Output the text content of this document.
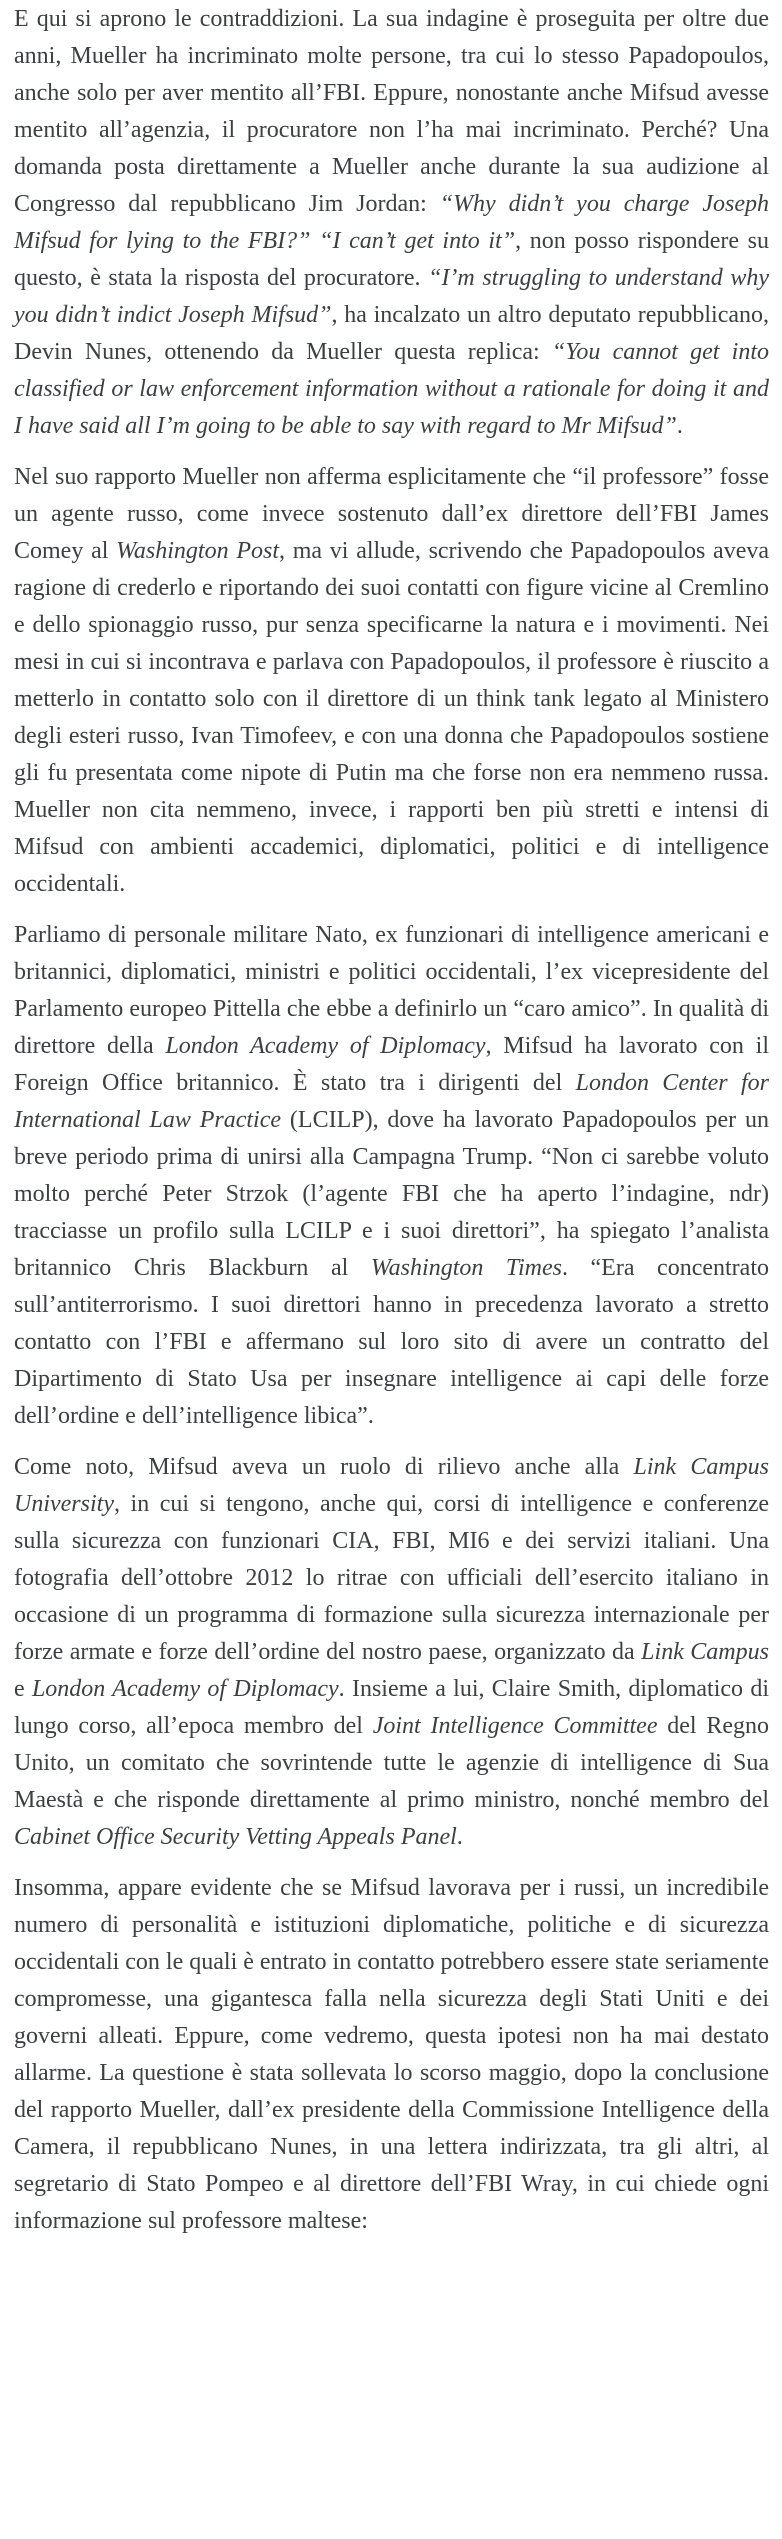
E qui si aprono le contraddizioni. La sua indagine è proseguita per oltre due anni, Mueller ha incriminato molte persone, tra cui lo stesso Papadopoulos, anche solo per aver mentito all’FBI. Eppure, nonostante anche Mifsud avesse mentito all’agenzia, il procuratore non l’ha mai incriminato. Perché? Una domanda posta direttamente a Mueller anche durante la sua audizione al Congresso dal repubblicano Jim Jordan: “Why didn’t you charge Joseph Mifsud for lying to the FBI?” “I can’t get into it”, non posso rispondere su questo, è stata la risposta del procuratore. “I’m struggling to understand why you didn’t indict Joseph Mifsud”, ha incalzato un altro deputato repubblicano, Devin Nunes, ottenendo da Mueller questa replica: “You cannot get into classified or law enforcement information without a rationale for doing it and I have said all I’m going to be able to say with regard to Mr Mifsud”.

Nel suo rapporto Mueller non afferma esplicitamente che “il professore” fosse un agente russo, come invece sostenuto dall’ex direttore dell’FBI James Comey al Washington Post, ma vi allude, scrivendo che Papadopoulos aveva ragione di crederlo e riportando dei suoi contatti con figure vicine al Cremlino e dello spionaggio russo, pur senza specificarne la natura e i movimenti. Nei mesi in cui si incontrava e parlava con Papadopoulos, il professore è riuscito a metterlo in contatto solo con il direttore di un think tank legato al Ministero degli esteri russo, Ivan Timofeev, e con una donna che Papadopoulos sostiene gli fu presentata come nipote di Putin ma che forse non era nemmeno russa. Mueller non cita nemmeno, invece, i rapporti ben più stretti e intensi di Mifsud con ambienti accademici, diplomatici, politici e di intelligence occidentali.

Parliamo di personale militare Nato, ex funzionari di intelligence americani e britannici, diplomatici, ministri e politici occidentali, l’ex vicepresidente del Parlamento europeo Pittella che ebbe a definirlo un “caro amico”. In qualità di direttore della London Academy of Diplomacy, Mifsud ha lavorato con il Foreign Office britannico. È stato tra i dirigenti del London Center for International Law Practice (LCILP), dove ha lavorato Papadopoulos per un breve periodo prima di unirsi alla Campagna Trump. “Non ci sarebbe voluto molto perché Peter Strzok (l’agente FBI che ha aperto l’indagine, ndr) tracciasse un profilo sulla LCILP e i suoi direttori”, ha spiegato l’analista britannico Chris Blackburn al Washington Times. “Era concentrato sull’antiterrorismo. I suoi direttori hanno in precedenza lavorato a stretto contatto con l’FBI e affermano sul loro sito di avere un contratto del Dipartimento di Stato Usa per insegnare intelligence ai capi delle forze dell’ordine e dell’intelligence libica”.

Come noto, Mifsud aveva un ruolo di rilievo anche alla Link Campus University, in cui si tengono, anche qui, corsi di intelligence e conferenze sulla sicurezza con funzionari CIA, FBI, MI6 e dei servizi italiani. Una fotografia dell’ottobre 2012 lo ritrae con ufficiali dell’esercito italiano in occasione di un programma di formazione sulla sicurezza internazionale per forze armate e forze dell’ordine del nostro paese, organizzato da Link Campus e London Academy of Diplomacy. Insieme a lui, Claire Smith, diplomatico di lungo corso, all’epoca membro del Joint Intelligence Committee del Regno Unito, un comitato che sovrintende tutte le agenzie di intelligence di Sua Maestà e che risponde direttamente al primo ministro, nonché membro del Cabinet Office Security Vetting Appeals Panel.

Insomma, appare evidente che se Mifsud lavorava per i russi, un incredibile numero di personalità e istituzioni diplomatiche, politiche e di sicurezza occidentali con le quali è entrato in contatto potrebbero essere state seriamente compromesse, una gigantesca falla nella sicurezza degli Stati Uniti e dei governi alleati. Eppure, come vedremo, questa ipotesi non ha mai destato allarme. La questione è stata sollevata lo scorso maggio, dopo la conclusione del rapporto Mueller, dall’ex presidente della Commissione Intelligence della Camera, il repubblicano Nunes, in una lettera indirizzata, tra gli altri, al segretario di Stato Pompeo e al direttore dell’FBI Wray, in cui chiede ogni informazione sul professore maltese:
